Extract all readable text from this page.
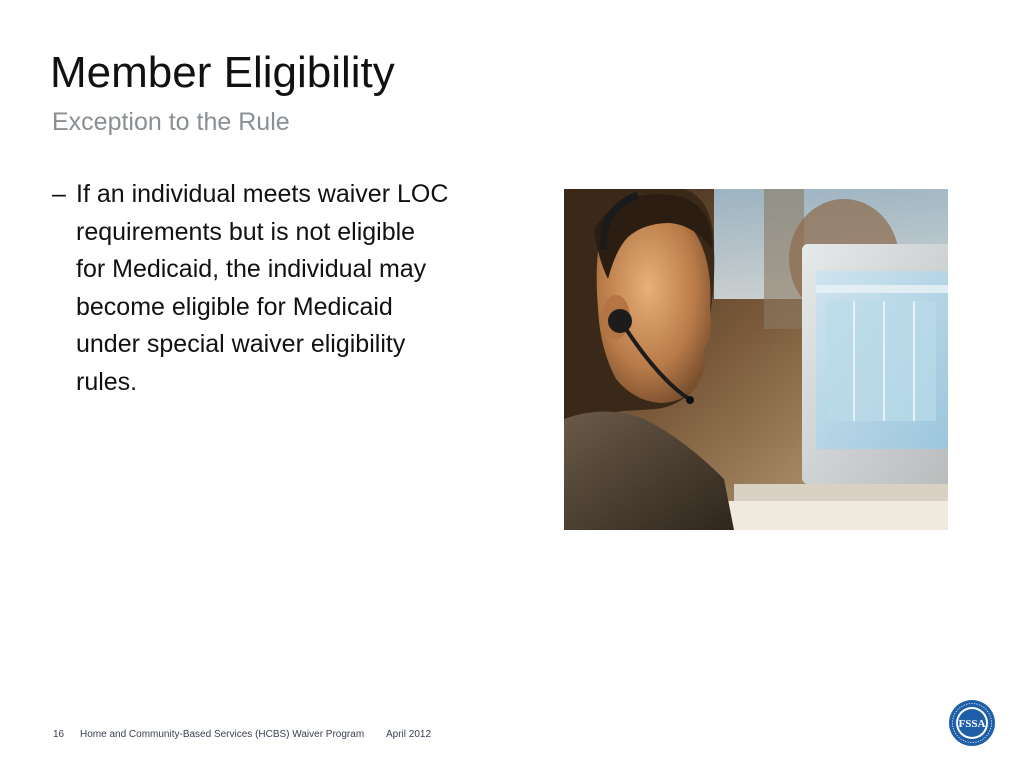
Member Eligibility
Exception to the Rule
– If an individual meets waiver LOC
requirements but is not eligible
for Medicaid, the individual may
become eligible for Medicaid
under special waiver eligibility
rules.
16 Home and Community-Based Services (HCBS) Waiver Program April 2012
FSSA
